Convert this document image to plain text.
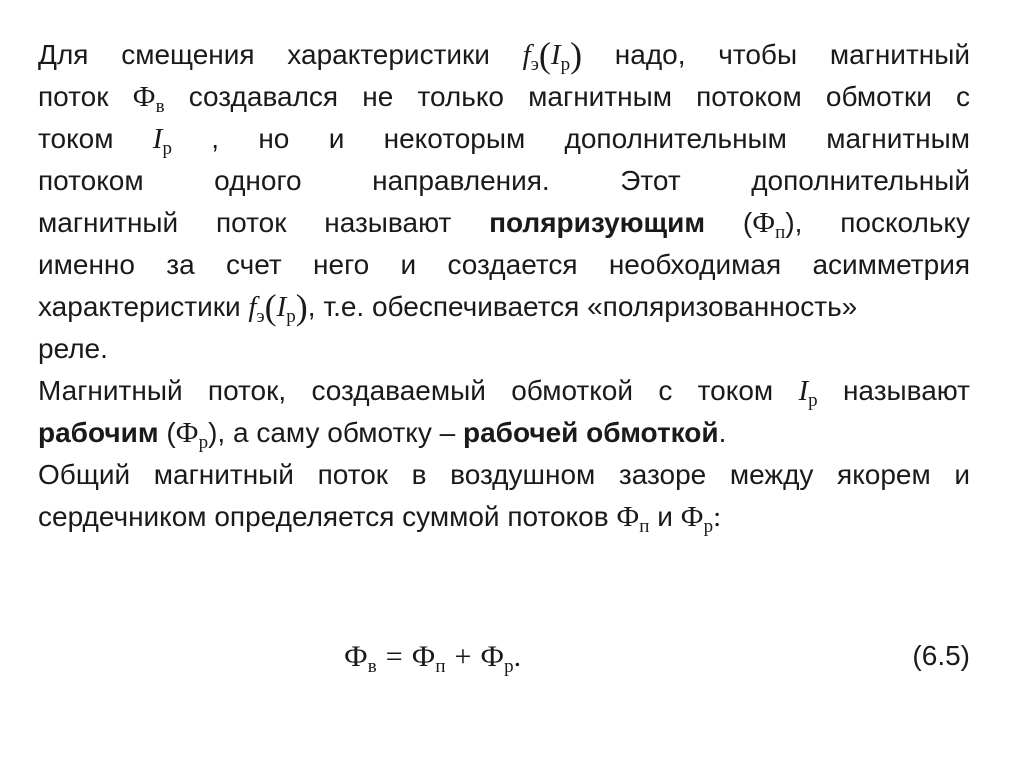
Для смещения характеристики $f_э(I_р)$ надо, чтобы магнитный
поток $Ф_в$ создавался не только магнитным потоком обмотки с
током $I_р$ , но и некоторым дополнительным магнитным
потоком одного направления. Этот дополнительный
магнитный поток называют поляризующим $(Ф_п)$, поскольку
именно за счет него и создается необходимая асимметрия
характеристики $f_э(I_р)$, т.е. обеспечивается «поляризованность»
реле.
Магнитный поток, создаваемый обмоткой с током $I_р$ называют
рабочим $(Ф_р)$, а саму обмотку – рабочей обмоткой.
Общий магнитный поток в воздушном зазоре между якорем и
сердечником определяется суммой потоков $Ф_п$ и $Ф_р$:
$Ф_в = Ф_п + Ф_р$.	(6.5)
